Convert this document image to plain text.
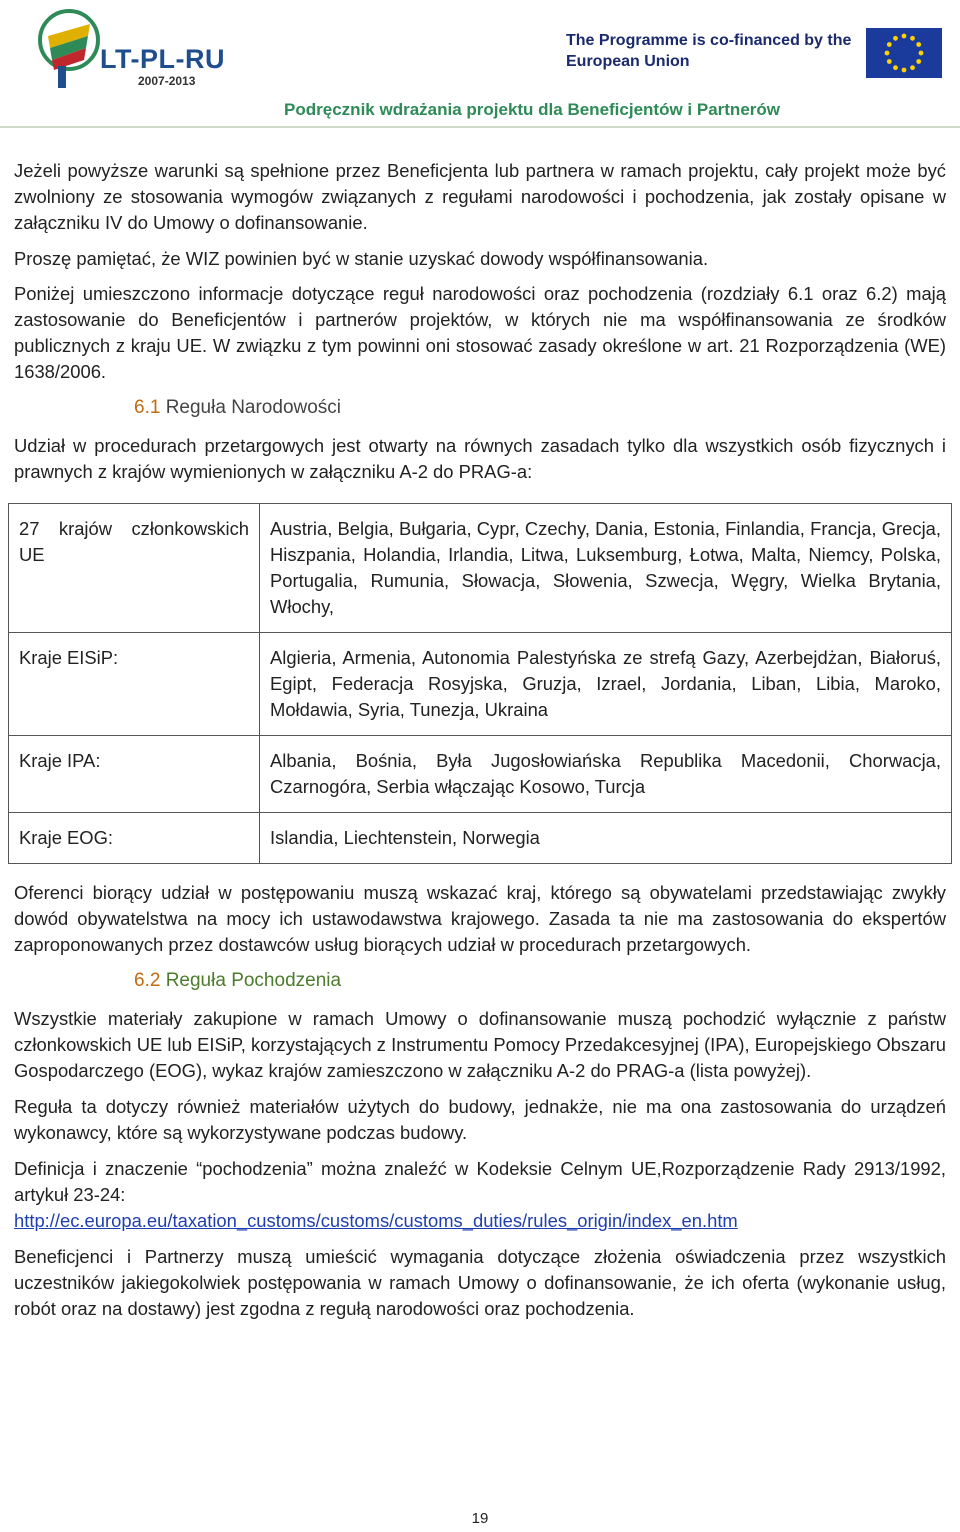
LT-PL-RU
2007-2013
The Programme is co-financed by the
European Union
Podręcznik wdrażania projektu dla Beneficjentów i Partnerów

Jeżeli powyższe warunki są spełnione przez Beneficjenta lub partnera w ramach projektu, cały projekt może być zwolniony ze stosowania wymogów związanych z regułami narodowości i pochodzenia, jak zostały opisane w załączniku IV do Umowy o dofinansowanie.

Proszę pamiętać, że WIZ powinien być w stanie uzyskać dowody współfinansowania.

Poniżej umieszczono informacje dotyczące reguł narodowości oraz pochodzenia (rozdziały 6.1 oraz 6.2) mają zastosowanie do Beneficjentów i partnerów projektów, w których nie ma współfinansowania ze środków publicznych z kraju UE. W związku z tym powinni oni stosować zasady określone w art. 21 Rozporządzenia (WE) 1638/2006.

6.1 Reguła Narodowości

Udział w procedurach przetargowych jest otwarty na równych zasadach tylko dla wszystkich osób fizycznych i prawnych z krajów wymienionych w załączniku A-2 do PRAG-a:

27 krajów członkowskich UE	Austria, Belgia, Bułgaria, Cypr, Czechy, Dania, Estonia, Finlandia, Francja, Grecja, Hiszpania, Holandia, Irlandia, Litwa, Luksemburg, Łotwa, Malta, Niemcy, Polska, Portugalia, Rumunia, Słowacja, Słowenia, Szwecja, Węgry, Wielka Brytania, Włochy,
Kraje EISiP:	Algieria, Armenia, Autonomia Palestyńska ze strefą Gazy, Azerbejdżan, Białoruś, Egipt, Federacja Rosyjska, Gruzja, Izrael, Jordania, Liban, Libia, Maroko, Mołdawia, Syria, Tunezja, Ukraina
Kraje IPA:	Albania, Bośnia, Była Jugosłowiańska Republika Macedonii, Chorwacja, Czarnogóra, Serbia włączając Kosowo, Turcja
Kraje EOG:	Islandia, Liechtenstein, Norwegia

Oferenci biorący udział w postępowaniu muszą wskazać kraj, którego są obywatelami przedstawiając zwykły dowód obywatelstwa na mocy ich ustawodawstwa krajowego. Zasada ta nie ma zastosowania do ekspertów zaproponowanych przez dostawców usług biorących udział w procedurach przetargowych.

6.2 Reguła Pochodzenia

Wszystkie materiały zakupione w ramach Umowy o dofinansowanie muszą pochodzić wyłącznie z państw członkowskich UE lub EISiP, korzystających z Instrumentu Pomocy Przedakcesyjnej (IPA), Europejskiego Obszaru Gospodarczego (EOG), wykaz krajów zamieszczono w załączniku A-2 do PRAG-a (lista powyżej).

Reguła ta dotyczy również materiałów użytych do budowy, jednakże, nie ma ona zastosowania do urządzeń wykonawcy, które są wykorzystywane podczas budowy.

Definicja i znaczenie “pochodzenia” można znaleźć w Kodeksie Celnym UE,Rozporządzenie Rady 2913/1992, artykuł 23-24:

http://ec.europa.eu/taxation_customs/customs/customs_duties/rules_origin/index_en.htm

Beneficjenci i Partnerzy muszą umieścić wymagania dotyczące złożenia oświadczenia przez wszystkich uczestników jakiegokolwiek postępowania w ramach Umowy o dofinansowanie, że ich oferta (wykonanie usług, robót oraz na dostawy) jest zgodna z regułą narodowości oraz pochodzenia.

19
